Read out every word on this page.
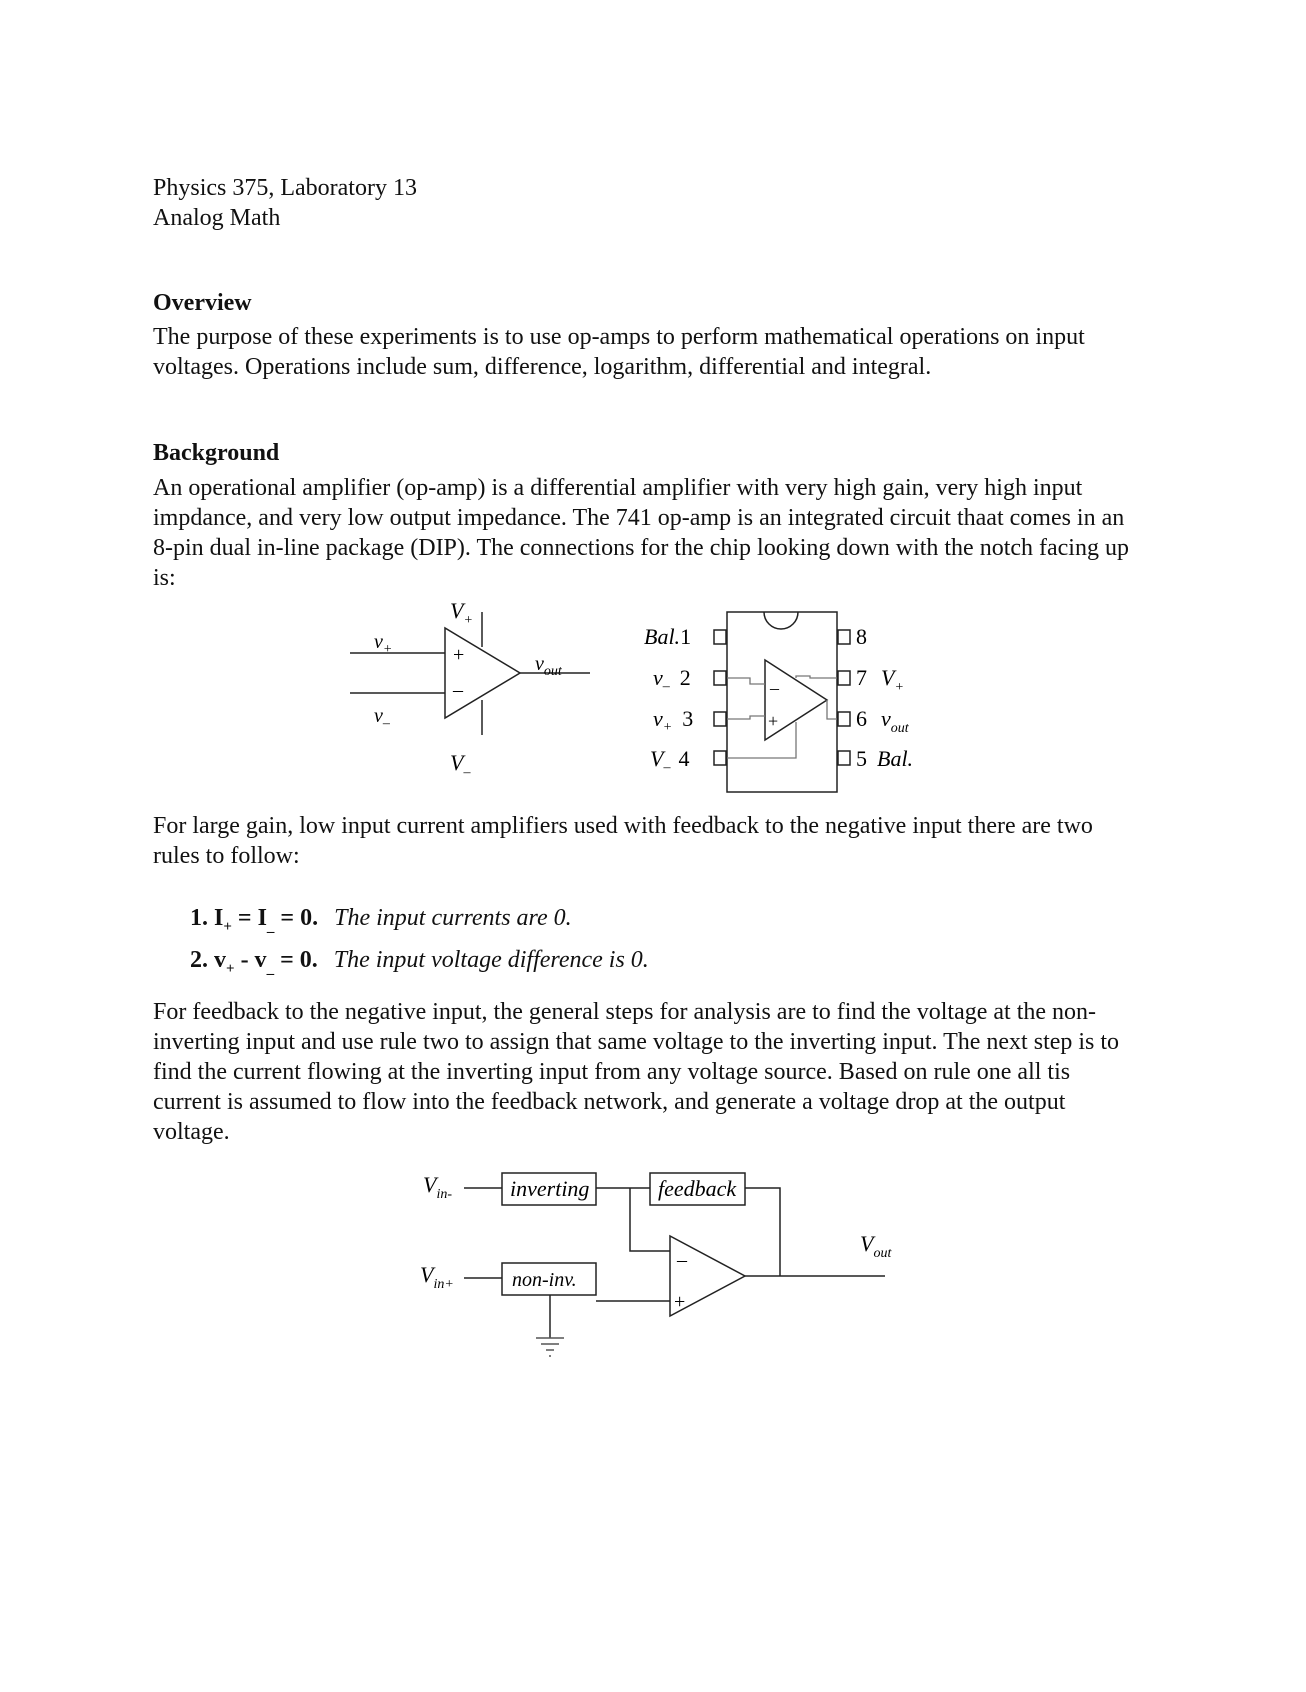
Physics 375, Laboratory 13
Analog Math
Overview
The purpose of these experiments is to use op-amps to perform mathematical operations on input voltages. Operations include sum, difference, logarithm, differential and integral.
Background
An operational amplifier (op-amp) is a differential amplifier with very high gain, very high input impdance, and very low output impedance. The 741 op-amp is an integrated circuit thaat comes in an 8-pin dual in-line package (DIP). The connections for the chip looking down with the notch facing up is:
+
–
$V_+$
$V_-$
$v_+$
$v_-$
$v_{out}$
–
+
Bal.1
$v_-$ 2
$v_+$ 3
$V_-$ 4
8
7 $V_+$
6 $v_{out}$
5 Bal.
For large gain, low input current amplifiers used with feedback to the negative input there are two rules to follow:
1. $I_+ = I_{\_} = 0$. The input currents are 0.
2. $v_+ - v_{\_} = 0$. The input voltage difference is 0.
For feedback to the negative input, the general steps for analysis are to find the voltage at the non-inverting input and use rule two to assign that same voltage to the inverting input. The next step is to find the current flowing at the inverting input from any voltage source. Based on rule one all tis current is assumed to flow into the feedback network, and generate a voltage drop at the output voltage.
–
+
inverting	feedback
non-inv.
$V_{in-}$
$V_{in+}$
$V_{out}$
